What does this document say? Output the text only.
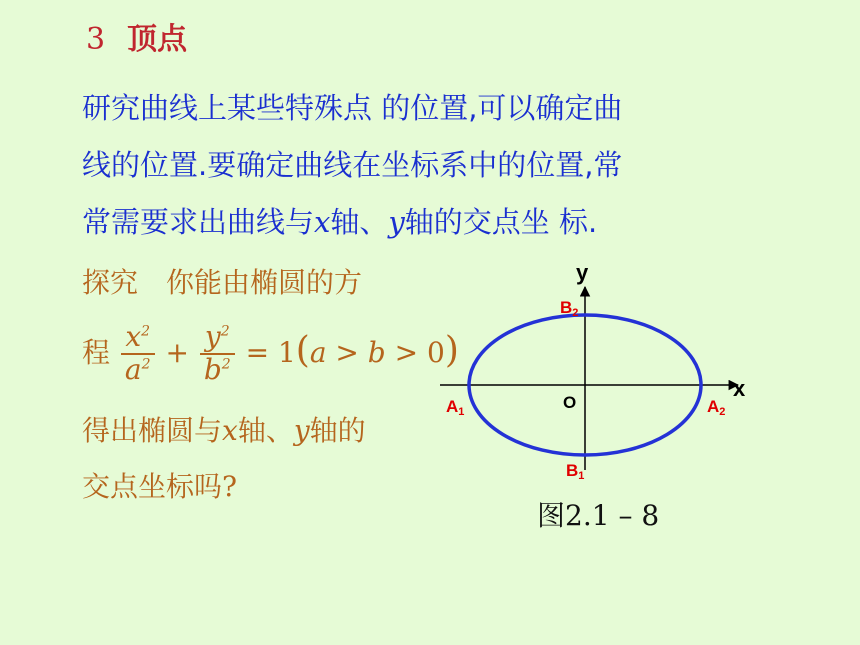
3 顶点
研究曲线上某些特殊点 的位置,可以确定曲
线的位置.要确定曲线在坐标系中的位置,常
常需要求出曲线与x轴、y轴的交点坐 标.
探究　你能由椭圆的方
程 $\frac{x^2}{a^2} + \frac{y^2}{b^2} = 1(a > b > 0)$
得出椭圆与x轴、y轴的
交点坐标吗?
y
x
O
A1	A2
B2
B1
图2.1 – 8
